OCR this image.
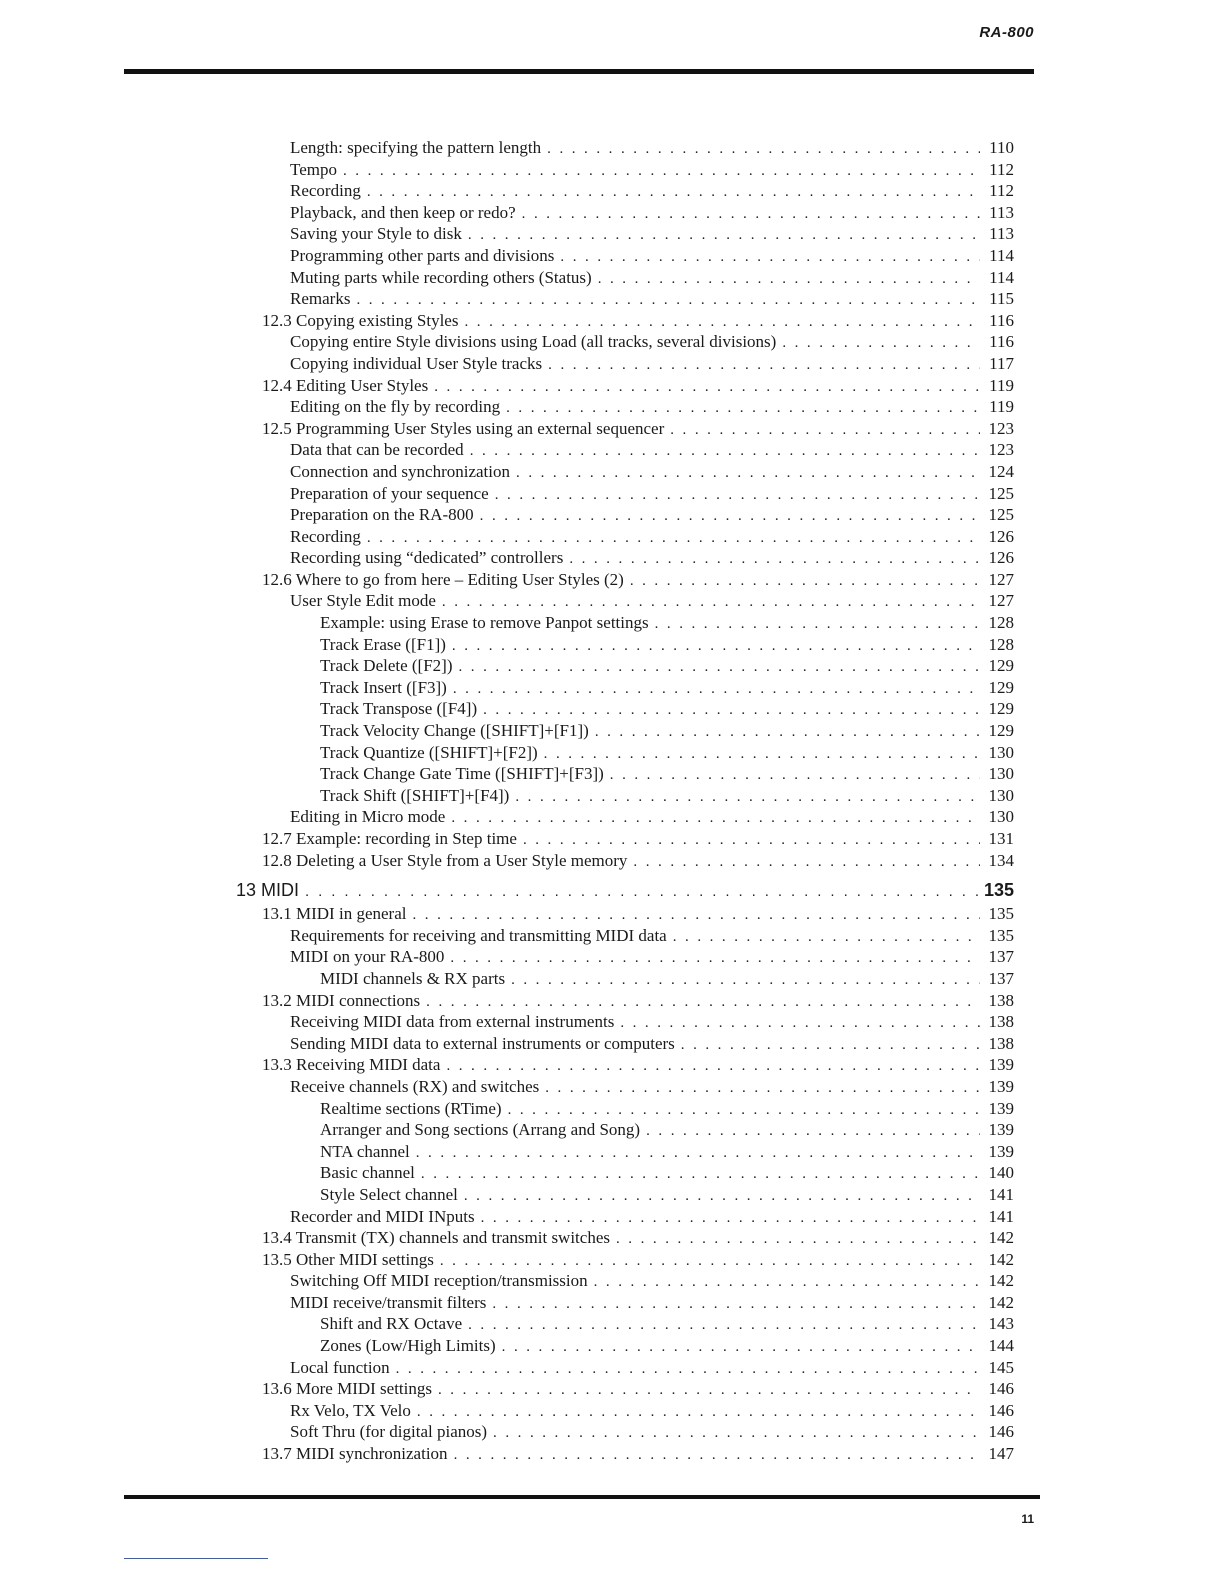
RA-800
Length: specifying the pattern length . . .	110
Tempo . . .	112
Recording . . .	112
Playback, and then keep or redo? . . .	113
Saving your Style to disk . . .	113
Programming other parts and divisions . . .	114
Muting parts while recording others (Status) . . .	114
Remarks . . .	115
12.3 Copying existing Styles . . .	116
Copying entire Style divisions using Load (all tracks, several divisions) . . .	116
Copying individual User Style tracks . . .	117
12.4 Editing User Styles . . .	119
Editing on the fly by recording . . .	119
12.5 Programming User Styles using an external sequencer . . .	123
Data that can be recorded . . .	123
Connection and synchronization . . .	124
Preparation of your sequence . . .	125
Preparation on the RA-800 . . .	125
Recording . . .	126
Recording using “dedicated” controllers . . .	126
12.6 Where to go from here – Editing User Styles (2) . . .	127
User Style Edit mode . . .	127
Example: using Erase to remove Panpot settings . . .	128
Track Erase ([F1]) . . .	128
Track Delete ([F2]) . . .	129
Track Insert ([F3]) . . .	129
Track Transpose ([F4]) . . .	129
Track Velocity Change ([SHIFT]+[F1]) . . .	129
Track Quantize ([SHIFT]+[F2]) . . .	130
Track Change Gate Time ([SHIFT]+[F3]) . . .	130
Track Shift ([SHIFT]+[F4]) . . .	130
Editing in Micro mode . . .	130
12.7 Example: recording in Step time . . .	131
12.8 Deleting a User Style from a User Style memory . . .	134
13 MIDI . . .	135
13.1 MIDI in general . . .	135
Requirements for receiving and transmitting MIDI data . . .	135
MIDI on your RA-800 . . .	137
MIDI channels & RX parts . . .	137
13.2 MIDI connections . . .	138
Receiving MIDI data from external instruments . . .	138
Sending MIDI data to external instruments or computers . . .	138
13.3 Receiving MIDI data . . .	139
Receive channels (RX) and switches . . .	139
Realtime sections (RTime) . . .	139
Arranger and Song sections (Arrang and Song) . . .	139
NTA channel . . .	139
Basic channel . . .	140
Style Select channel . . .	141
Recorder and MIDI INputs . . .	141
13.4 Transmit (TX) channels and transmit switches . . .	142
13.5 Other MIDI settings . . .	142
Switching Off MIDI reception/transmission . . .	142
MIDI receive/transmit filters . . .	142
Shift and RX Octave . . .	143
Zones (Low/High Limits) . . .	144
Local function . . .	145
13.6 More MIDI settings . . .	146
Rx Velo, TX Velo . . .	146
Soft Thru (for digital pianos) . . .	146
13.7 MIDI synchronization . . .	147
11
